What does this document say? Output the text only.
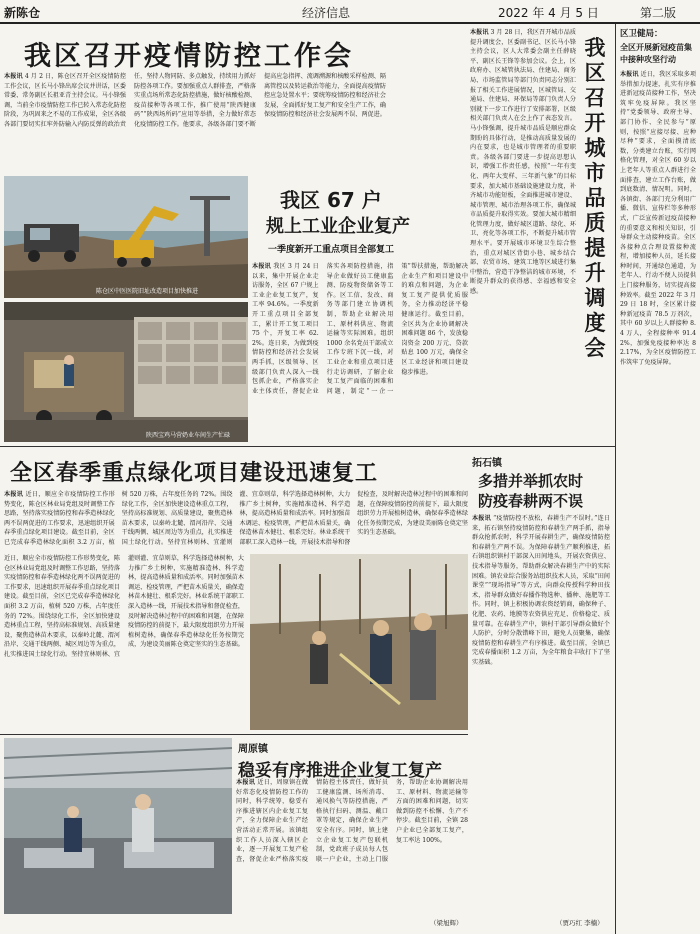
新陈仓	经济信息	2022 年 4 月 5 日	第二版
我区召开疫情防控工作会
本报讯 4 月 2 日，陈仓区召开全区疫情防控工作会议，区长马小锋出席会议并讲话，区委常委、常务副区长祖亚青主持会议。马小锋强调，当前全市疫情防控工作已转入常态化防控阶段，为巩固来之不易的工作成果，全区各级各部门要切实扛牢外防输入内防反弹的政治责任，坚持人物同防、多点触发，持续用力抓好防控各项工作。要加强重点人群排查，严格落实重点场所常态化防控措施，做好核酸检测、疫苗接种等各项工作，推广使用“陕西健康码”“陕西场所码”应用等举措，全力做好常态化疫情防控工作。他要求，各级各部门要不断提高应急指挥、流调溯源和核酸采样检测、隔离管控以及转运救治等能力，全面提高疫情防控应急处置水平；要统筹疫情防控和经济社会发展，全面抓好复工复产和安全生产工作，确保疫情防控和经济社会发展两不误、两促进。
陈仓区中医医院旧址改造项目加快推进
陕西宝鸡马营奶业车间生产忙碌
我区 67 户
规上工业企业复产
一季度新开工重点项目全部复工
本报讯 我区 3 月 24 日以来，集中开展企业走访服务，全区 67 户规上工业企业复工复产，复工率 94.6%。一季度新开工重点项目全部复工，累计开工复工项目 75 个，开复工率 62.2%。连日来，为做到疫情防控和经济社会发展两手抓，区级领导、区级部门负责人深入一线包抓企业，严格落实企业主体责任，督促企业落实各项防控措施，指导企业做好员工健康监测、防疫物资储备等工作。区工信、发改、商务等部门建立协调机制，帮助企业解决用工、原材料供应、物流运输等实际困难。组织 1000 余名党员干部成立工作专班下沉一线，对工业企业和重点项目进行走访调研，了解企业复工复产面临的困难和问题，制定“一企一策”帮扶措施，帮助解决企业生产和项目建设中的难点和问题，为企业复工复产提供优质服务，全力推动经济平稳健康运行。截至目前，全区共为企业协调解决困难问题 86 个，发放稳岗资金 200 万元、贷款贴息 100 万元，确保全区工业经济和项目建设稳步推进。
本报讯 3 月 28 日，我区召开城市品质提升调度会，区委副书记、区长马小锋主持会议，区人大常委会副主任薛晓平、副区长王锋等参加会议。会上，区政府办、区城管执法局、住建局、商务局、市场监管局等部门负责同志分别汇报了相关工作进展情况，区城管局、交通局、住建局、环保局等部门负责人分别就下一步工作进行了安排部署，区级相关部门负责人在会上作了表态发言。马小锋强调，提升城市品质是顺应群众期盼的具体行动，是推动高质量发展的内在要求，也是城市管理者的重要职责。各级各部门要进一步提高思想认识，增强工作责任感，按照“一年有变化、两年大变样、三年新气象”的目标要求，加大城市基础设施建设力度，补齐城市功能短板，全面推进城市建设、城市管理、城市治理各项工作，确保城市品质提升取得实效。要加大城市精细化管理力度，做好城区道路、绿化、环卫、亮化等各项工作，不断提升城市管理水平。要开展城市环境卫生综合整治，重点对城区背街小巷、城乡结合部、农贸市场、建筑工地等区域进行集中整治，营造干净整洁的城市环境，不断提升群众的获得感、幸福感和安全感。
我区召开城市品质提升调度会
全区春季重点绿化项目建设迅速复工
本报讯 近日，顺应全市疫情防控工作形势变化，陈仓区林业局党组及时调整工作思路，坚持落实疫情防控和春季造林绿化两不误两促进的工作要求，迅速组织开展春季重点绿化项目建设。截至目前，全区已完成春季造林绿化面积 3.2 万亩，植树 520 万株，占年度任务的 72%。围绕绿化工作，全区加快建设造林重点工程，坚持高标准规划、高质量建设，聚焦造林苗木要求，以秦岭北麓、渭河沿岸、交通干线两侧、城区周边等为重点，扎实推进国土绿化行动。坚持宜林则林、宜灌则灌、宜草则草，科学选择造林树种，大力推广乡土树种，实施精准造林、科学造林，提高造林质量和成活率。同时加强苗木调运、检疫管理，严把苗木质量关，确保造林苗木健壮、根系完好。林业系统干部职工深入造林一线，开展技术指导和督促检查，及时解决造林过程中的困难和问题，在保障疫情防控的前提下，最大限度组织劳力开展植树造林，确保春季造林绿化任务按期完成，为建设美丽陈仓奠定坚实的生态基础。
近日，顺应全市疫情防控工作形势变化，陈仓区林业局党组及时调整工作思路，坚持落实疫情防控和春季造林绿化两不误两促进的工作要求，迅速组织开展春季重点绿化项目建设。截至目前，全区已完成春季造林绿化面积 3.2 万亩，植树 520 万株，占年度任务的 72%。围绕绿化工作，全区加快建设造林重点工程，坚持高标准规划、高质量建设，聚焦造林苗木要求，以秦岭北麓、渭河沿岸、交通干线两侧、城区周边等为重点，扎实推进国土绿化行动。坚持宜林则林、宜灌则灌、宜草则草，科学选择造林树种，大力推广乡土树种，实施精准造林、科学造林，提高造林质量和成活率。同时加强苗木调运、检疫管理，严把苗木质量关，确保造林苗木健壮、根系完好。林业系统干部职工深入造林一线，开展技术指导和督促检查，及时解决造林过程中的困难和问题，在保障疫情防控的前提下，最大限度组织劳力开展植树造林，确保春季造林绿化任务按期完成，为建设美丽陈仓奠定坚实的生态基础。
拓石镇
多措并举抓农时
防疫春耕两不误
本报讯 “疫情防控不放松，春耕生产不误时。”连日来，拓石镇坚持疫情防控和春耕生产两手抓，指导群众抢抓农时，科学开展春耕生产，确保疫情防控和春耕生产两不误。为保障春耕生产顺利推进，拓石镇组织镇村干部深入田间地头，开展农资供应、技术指导等服务，帮助群众解决春耕生产中的实际困难。镇农业综合服务站组织技术人员，采取“田间课堂”“现场指导”等方式，向群众传授科学种田技术，指导群众做好春播作物选种、播种、施肥等工作。同时，镇上积极协调农资经销商，确保种子、化肥、农药、地膜等农资供应充足、价格稳定、质量可靠。在春耕生产中，镇村干部引导群众做好个人防护，分时分散错峰下田，避免人员聚集，确保疫情防控和春耕生产有序推进。截至目前，全镇已完成春播面积 1.2 万亩，为全年粮食丰收打下了坚实基础。
（贾巧红 李楠）
周原镇
稳妥有序推进企业复工复产
本报讯 近日，周原镇在做好常态化疫情防控工作的同时，科学统筹，稳妥有序推进辖区内企业复工复产，全力保障企业生产经营活动正常开展。该镇组织工作人员深入辖区企业，逐一开展复工复产检查，督促企业严格落实疫情防控主体责任，做好员工健康监测、场所消毒、通风换气等防控措施，严格执行扫码、测温、戴口罩等规定，确保企业生产安全有序。同时，镇上建立企业复工复产包联机制，党政班子成员每人包联一户企业，主动上门服务，帮助企业协调解决用工、原材料、物流运输等方面的困难和问题，切实做到防控不松懈、生产不停步。截至目前，全镇 28 户企业已全部复工复产，复工率达 100%。
（梁旭辉）
区卫健局：
全区开展新冠疫苗集中接种攻坚行动
本报讯 近日，我区采取多项举措加力提速，扎实有序推进新冠疫苗接种工作，坚决筑牢免疫屏障。我区坚持“党委领导、政府主导、部门协作、全民参与”原则，按照“应接尽接、应种尽种”要求，全面摸清底数，分类建立台账，实行网格化管理，对全区 60 岁以上老年人等重点人群进行全面排查，建立工作台账，做到底数清、情况明。同时，各镇街、各部门充分利用广播、微信、宣传栏等多种形式，广泛宣传新冠疫苗接种的重要意义和相关知识，引导群众主动接种疫苗。全区各接种点合理设置接种流程，增加接种人员，延长接种时间，开通绿色通道，为老年人、行动不便人员提供上门接种服务，切实提高接种效率。截至 2022 年 3 月 29 日 18 时，全区累计接种新冠疫苗 78.5 万剂次，其中 60 岁以上人群接种 8.4 万人，全程接种率 91.42%，加强免疫接种率达 82.17%，为全区疫情防控工作筑牢了免疫屏障。
